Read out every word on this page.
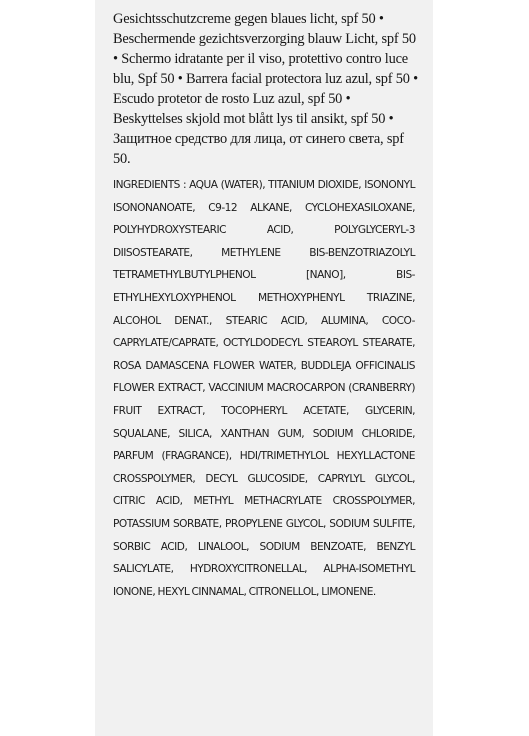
Gesichtsschutzcreme gegen blaues licht, spf 50 • Beschermende gezichtsverzorging blauw Licht, spf 50 • Schermo idratante per il viso, protettivo contro luce blu, Spf 50 • Barrera facial protectora luz azul, spf 50 • Escudo protetor de rosto Luz azul, spf 50 • Beskyttelses skjold mot blått lys til ansikt, spf 50 • Защитное средство для лица, от синего света, spf 50.

INGREDIENTS : AQUA (WATER), TITANIUM DIOXIDE, ISONONYL ISONONANOATE, C9-12 ALKANE, CYCLOHEXASILOXANE, POLYHYDROXYSTEARIC ACID, POLYGLYCERYL-3 DIISOSTEARATE, METHYLENE BIS-BENZOTRIAZOLYL TETRAMETHYLBUTYLPHENOL [NANO], BIS-ETHYLHEXYLOXYPHENOL METHOXYPHENYL TRIAZINE, ALCOHOL DENAT., STEARIC ACID, ALUMINA, COCO-CAPRYLATE/CAPRATE, OCTYLDODECYL STEAROYL STEARATE, ROSA DAMASCENA FLOWER WATER, BUDDLEJA OFFICINALIS FLOWER EXTRACT, VACCINIUM MACROCARPON (CRANBERRY) FRUIT EXTRACT, TOCOPHERYL ACETATE, GLYCERIN, SQUALANE, SILICA, XANTHAN GUM, SODIUM CHLORIDE, PARFUM (FRAGRANCE), HDI/TRIMETHYLOL HEXYLLACTONE CROSSPOLYMER, DECYL GLUCOSIDE, CAPRYLYL GLYCOL, CITRIC ACID, METHYL METHACRYLATE CROSSPOLYMER, POTASSIUM SORBATE, PROPYLENE GLYCOL, SODIUM SULFITE, SORBIC ACID, LINALOOL, SODIUM BENZOATE, BENZYL SALICYLATE, HYDROXYCITRONELLAL, ALPHA-ISOMETHYL IONONE, HEXYL CINNAMAL, CITRONELLOL, LIMONENE.
